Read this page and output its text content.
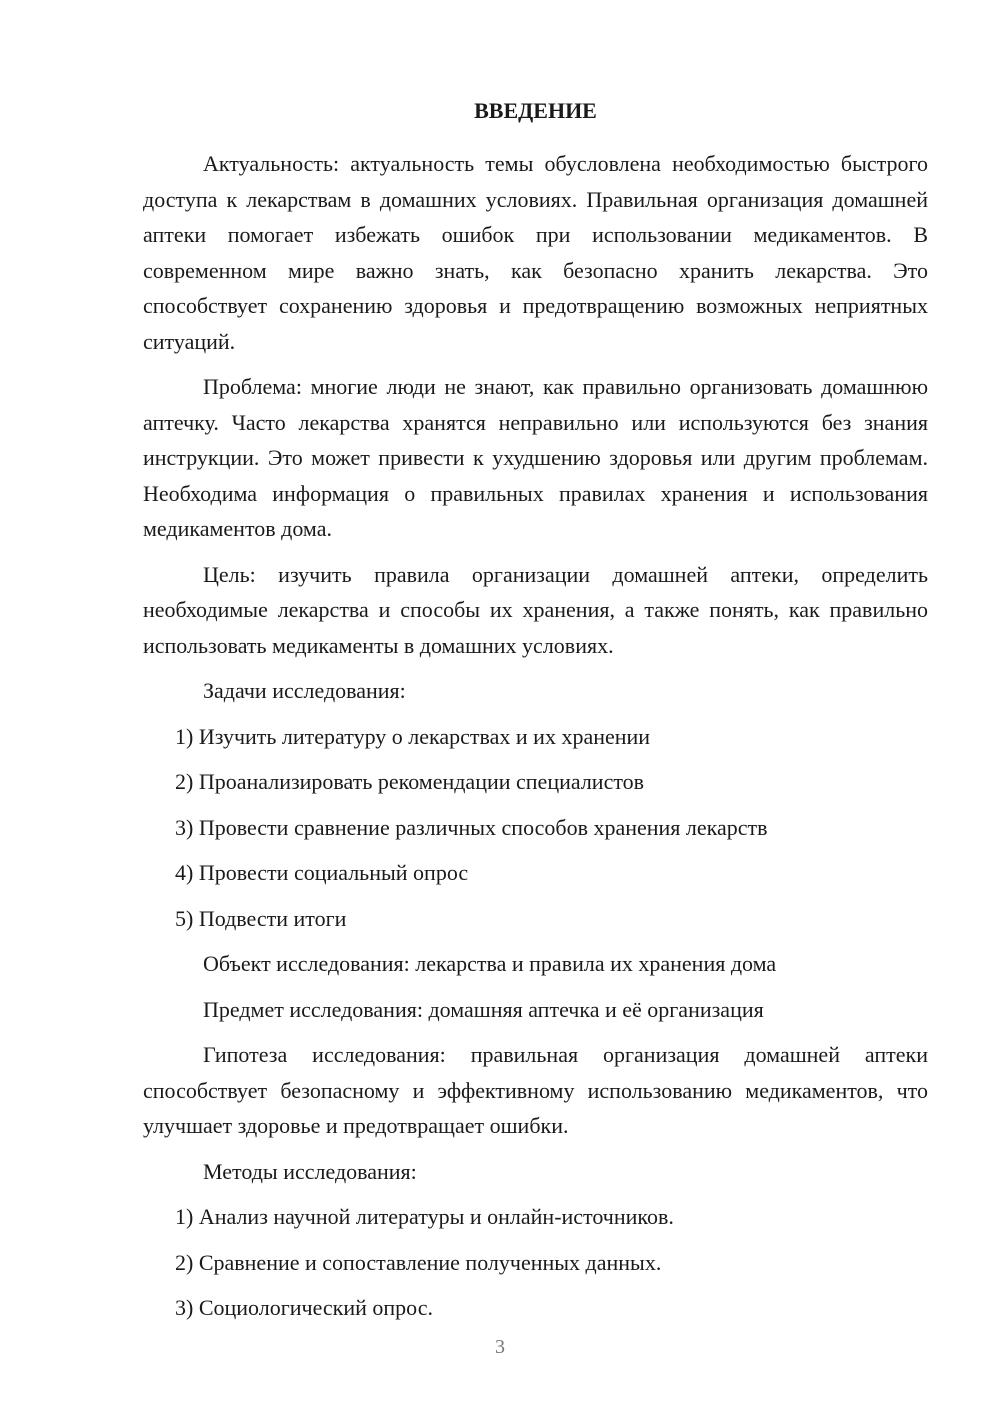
ВВЕДЕНИЕ

Актуальность: актуальность темы обусловлена необходимостью быстрого доступа к лекарствам в домашних условиях. Правильная организация домашней аптеки помогает избежать ошибок при использовании медикаментов. В современном мире важно знать, как безопасно хранить лекарства. Это способствует сохранению здоровья и предотвращению возможных неприятных ситуаций.

Проблема: многие люди не знают, как правильно организовать домашнюю аптечку. Часто лекарства хранятся неправильно или используются без знания инструкции. Это может привести к ухудшению здоровья или другим проблемам. Необходима информация о правильных правилах хранения и использования медикаментов дома.

Цель: изучить правила организации домашней аптеки, определить необходимые лекарства и способы их хранения, а также понять, как правильно использовать медикаменты в домашних условиях.

Задачи исследования:
1) Изучить литературу о лекарствах и их хранении
2) Проанализировать рекомендации специалистов
3) Провести сравнение различных способов хранения лекарств
4) Провести социальный опрос
5) Подвести итоги
Объект исследования: лекарства и правила их хранения дома
Предмет исследования: домашняя аптечка и её организация

Гипотеза исследования: правильная организация домашней аптеки способствует безопасному и эффективному использованию медикаментов, что улучшает здоровье и предотвращает ошибки.

Методы исследования:
1) Анализ научной литературы и онлайн-источников.
2) Сравнение и сопоставление полученных данных.
3) Социологический опрос.
3
